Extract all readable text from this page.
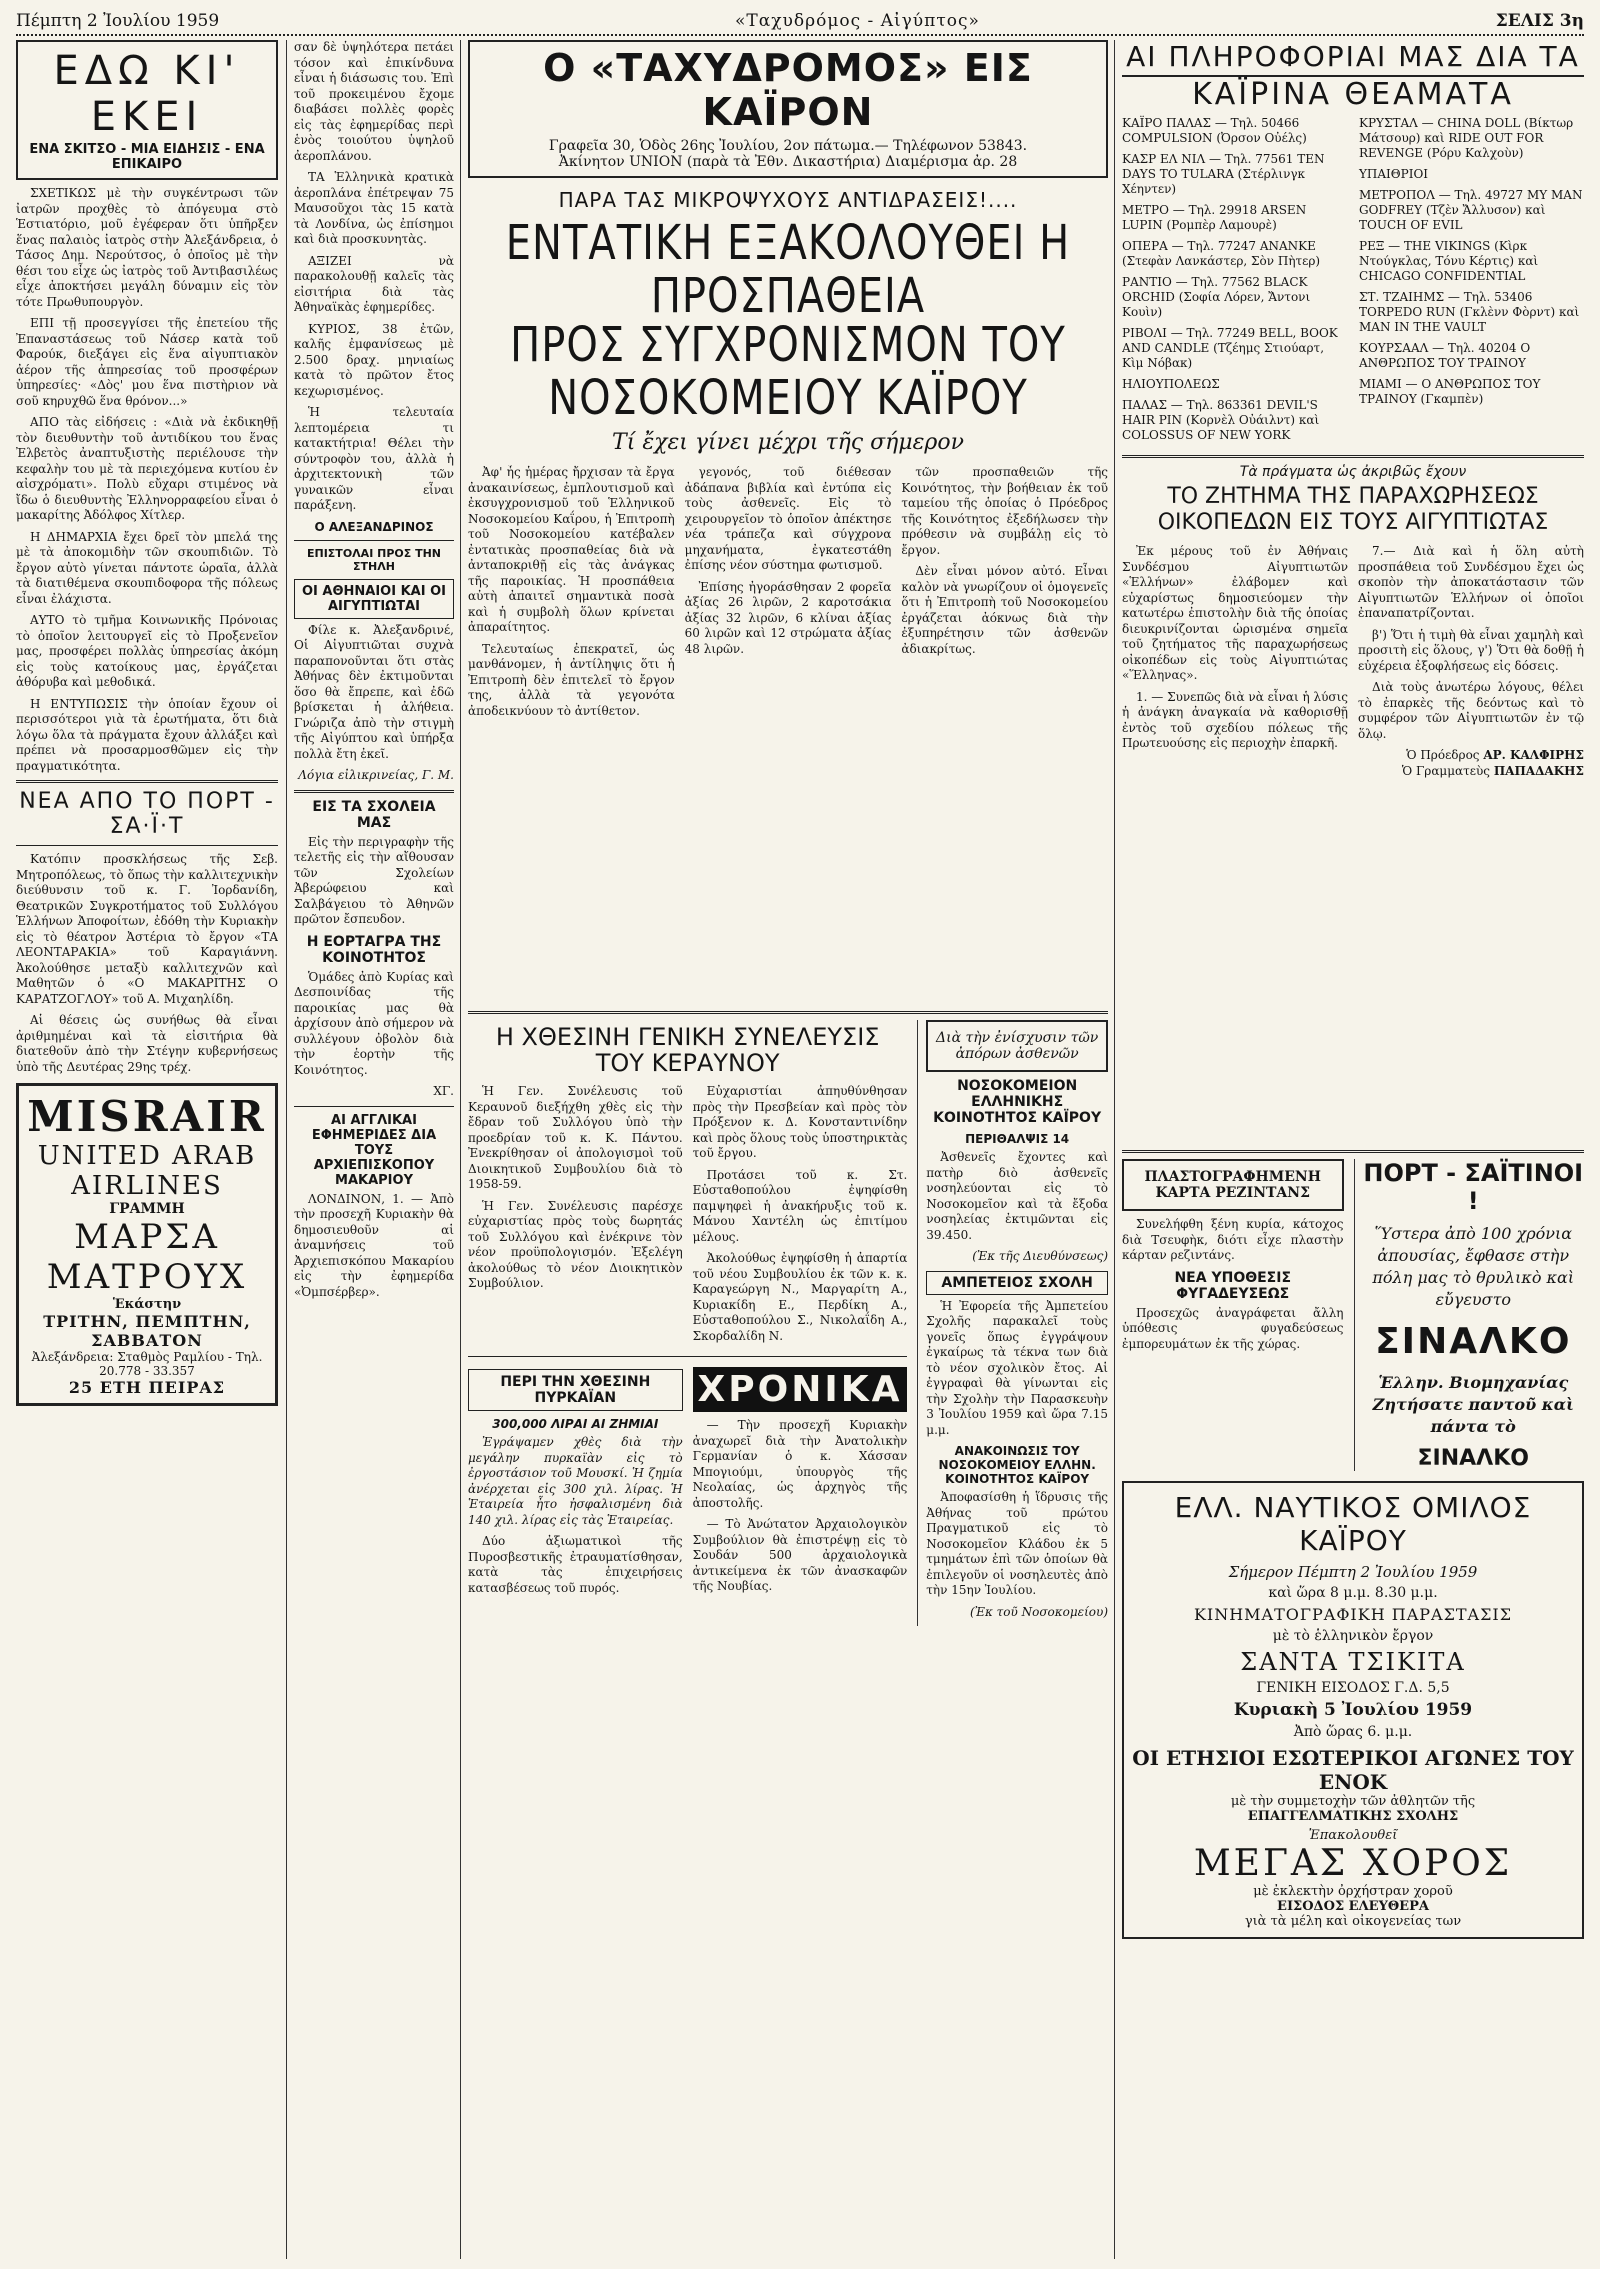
Πέμπτη 2 Ἰουλίου 1959	«Ταχυδρόμος - Αἰγύπτος»	ΣΕΛΙΣ 3η
ΕΔΩ ΚΙ' ΕΚΕΙ
ΕΝΑ ΣΚΙΤΣΟ - ΜΙΑ ΕΙΔΗΣΙΣ - ΕΝΑ ΕΠΙΚΑΙΡΟ

ΣΧΕΤΙΚΩΣ μὲ τὴν συγκέντρωσι τῶν ἰατρῶν προχθὲς τὸ ἀπόγευμα στὸ Ἑστιατόριο, μοῦ ἐγέφεραν ὅτι ὑπῆρξεν ἕνας παλαιὸς ἰατρὸς στὴν Ἀλεξάνδρεια, ὁ Τάσος Δημ. Νερούτσος, ὁ ὁποῖος μὲ τὴν θέσι του εἶχε ὡς ἰατρὸς τοῦ Ἀντιβασιλέως εἶχε ἀποκτήσει μεγάλη δύναμιν εἰς τὸν τότε Πρωθυπουργὸν.

ΕΠΙ τῇ προσεγγίσει τῆς ἐπετείου τῆς Ἐπαναστάσεως τοῦ Νάσερ κατὰ τοῦ Φαρούκ, διεξάγει εἰς ἕνα αἰγυπτιακὸν ἀέρον τῆς ἀπηρεσίας τοῦ προσφέρων ὑπηρεσίες· «Δὸς' μου ἕνα πιστὴριον νὰ σοῦ κηρυχθῶ ἕνα θρόνον...»

ΑΠΟ τὰς εἰδήσεις : «Διὰ νὰ ἐκδικηθῇ τὸν διευθυντὴν τοῦ ἀντιδίκου του ἕνας Ἐλβετὸς ἀναπτυξιστὴς περιέλουσε τὴν κεφαλὴν του μὲ τὰ περιεχόμενα κυτίου ἐν αἰσχρόματι». Πολὺ εὔχαρι στιμένος νὰ ἴδω ὁ διευθυντὴς Ἐλληνορραφείου εἶναι ὁ μακαρίτης Ἀδόλφος Χίτλερ.

Η ΔΗΜΑΡΧΙΑ ἔχει δρεῖ τὸν μπελά της μὲ τὰ ἀποκομιδὴν τῶν σκουπιδιῶν. Τὸ ἔργον αὐτὸ γίνεται πάντοτε ὡραῖα, ἀλλὰ τὰ διατιθέμενα σκουπιδοφορα τῆς πόλεως εἶναι ἐλάχιστα.

ΑΥΤΟ τὸ τμῆμα Κοινωνικῆς Πρόνοιας τὸ ὁποῖον λειτουργεῖ εἰς τὸ Προξενεῖον μας, προσφέρει πολλὰς ὑπηρεσίας ἀκόμη εἰς τοὺς κατοίκους μας, ἐργάζεται ἀθόρυβα καὶ μεθοδικά.

Η ΕΝΤΥΠΩΣΙΣ τὴν ὁποίαν ἔχουν οἱ περισσότεροι γιὰ τὰ ἐρωτήματα, ὅτι διὰ λόγω ὅλα τὰ πράγματα ἔχουν ἀλλάξει καὶ πρέπει νὰ προσαρμοσθῶμεν εἰς τὴν πραγματικότητα.

ΝΕΑ ΑΠΟ ΤΟ ΠΟΡΤ - ΣΑ·Ϊ·Τ

Κατόπιν προσκλήσεως τῆς Σεβ. Μητροπόλεως, τὸ ὅπως τὴν καλλιτεχνικὴν διεύθυνσιν τοῦ κ. Γ. Ἰορδανίδη, Θεατρικῶν Συγκροτήματος τοῦ Συλλόγου Ἑλλήνων Ἀποφοίτων, ἐδόθη τὴν Κυριακὴν εἰς τὸ θέατρον Ἀστέρια τὸ ἔργον «ΤΑ ΛΕΟΝΤΑΡΑΚΙΑ» τοῦ Καραγιάννη. Ἀκολούθησε μεταξὺ καλλιτεχνῶν καὶ Μαθητῶν ὁ «Ο ΜΑΚΑΡΙΤΗΣ Ο ΚΑΡΑΤΖΟΓΛΟΥ» τοῦ Α. Μιχαηλίδη.

Αἱ θέσεις ὡς συνήθως θὰ εἶναι ἀριθμημέναι καὶ τὰ εἰσιτήρια θὰ διατεθοῦν ἀπὸ τὴν Στέγην κυβερνήσεως ὑπὸ τῆς Δευτέρας 29ης τρέχ.

MISRAIR
UNITED ARAB AIRLINES
ΓΡΑΜΜΗ
ΜΑΡΣΑ ΜΑΤΡΟΥΧ
Ἑκάστην
ΤΡΙΤΗΝ, ΠΕΜΠΤΗΝ, ΣΑΒΒΑΤΟΝ
Ἀλεξάνδρεια: Σταθμὸς Ραμλίου - Τηλ. 20.778 - 33.357
25 ΕΤΗ ΠΕΙΡΑΣ

σαν δὲ ὑψηλότερα πετάει τόσον καὶ ἐπικίνδυνα εἶναι ἡ διάσωσις του. Ἐπὶ τοῦ προκειμένου ἔχομε διαβάσει πολλὲς φορὲς εἰς τὰς ἐφημερίδας περὶ ἑνὸς τοιούτου ὑψηλοῦ ἀεροπλάνου.

ΤΑ Ἑλληνικὰ κρατικὰ ἀεροπλάνα ἐπέτρεψαν 75 Μαυσοῦχοι τὰς 15 κατὰ τὰ Λονδίνα, ὡς ἐπίσημοι καὶ διὰ προσκυνητὰς.

ΑΞΙΖΕΙ νὰ παρακολουθῇ καλεῖς τὰς εἰσιτήρια διὰ τὰς Ἀθηναϊκὰς ἐφημερίδες.

ΚΥΡΙΟΣ, 38 ἐτῶν, καλῆς ἐμφανίσεως μὲ 2.500 δραχ. μηνιαίως κατὰ τὸ πρῶτον ἔτος κεχωρισμένος.

Ἡ τελευταία λεπτομέρεια τι κατακτήτρια! Θέλει τὴν σύντροφὸν του, ἀλλὰ ἡ ἀρχιτεκτονικὴ τῶν γυναικῶν εἶναι παράξενη.

Ο ΑΛΕΞΑΝΔΡΙΝΟΣ
ΕΠΙΣΤΟΛΑΙ ΠΡΟΣ ΤΗΝ ΣΤΗΛΗ
ΟΙ ΑΘΗΝΑΙΟΙ ΚΑΙ ΟΙ ΑΙΓΥΠΤΙΩΤΑΙ

Φίλε κ. Ἀλεξανδρινέ, Οἱ Αἰγυπτιῶται συχνὰ παραπονοῦνται ὅτι στὰς Ἀθήνας δὲν ἐκτιμοῦνται ὅσο θὰ ἔπρεπε, καὶ ἐδῶ βρίσκεται ἡ ἀλήθεια. Γνώριζα ἀπὸ τὴν στιγμὴ τῆς Αἰγύπτου καὶ ὑπήρξα πολλὰ ἔτη ἐκεῖ.

Λόγια εἰλικρινείας, Γ. Μ.

ΕΙΣ ΤΑ ΣΧΟΛΕΙΑ ΜΑΣ

Εἰς τὴν περιγραφὴν τῆς τελετῆς εἰς τὴν αἴθουσαν τῶν Σχολείων Ἀβερώφειου καὶ Σαλβάγειου τὸ Ἀθηνῶν πρῶτον ἔσπευδον.

Η ΕΟΡΤΑΓΡΑ ΤΗΣ ΚΟΙΝΟΤΗΤΟΣ

Ὁμάδες ἀπὸ Κυρίας καὶ Δεσποινίδας τῆς παροικίας μας θὰ ἀρχίσουν ἀπὸ σήμερον νὰ συλλέγουν ὀβολὸν διὰ τὴν ἑορτὴν τῆς Κοινότητος.

ΧΓ.

ΑΙ ΑΓΓΛΙΚΑΙ ΕΦΗΜΕΡΙΔΕΣ ΔΙΑ ΤΟΥΣ ΑΡΧΙΕΠΙΣΚΟΠΟΥ ΜΑΚΑΡΙΟΥ

ΛΟΝΔΙΝΟΝ, 1. — Ἀπὸ τὴν προσεχῆ Κυριακὴν θὰ δημοσιευθοῦν αἱ ἀναμνήσεις τοῦ Ἀρχιεπισκόπου Μακαρίου εἰς τὴν ἐφημερίδα «Ὀμπσέρβερ».

Ο «ΤΑΧΥΔΡΟΜΟΣ» ΕΙΣ ΚΑΪΡΟΝ
Γραφεῖα 30, Ὁδὸς 26ης Ἰουλίου, 2ον πάτωμα.— Τηλέφωνον 53843.
Ἀκίνητον UNION (παρὰ τὰ Ἐθν. Δικαστήρια) Διαμέρισμα ἀρ. 28
ΠΑΡΑ ΤΑΣ ΜΙΚΡΟΨΥΧΟΥΣ ΑΝΤΙΔΡΑΣΕΙΣ!....
ΕΝΤΑΤΙΚΗ ΕΞΑΚΟΛΟΥΘΕΙ Η ΠΡΟΣΠΑΘΕΙΑ
ΠΡΟΣ ΣΥΓΧΡΟΝΙΣΜΟΝ ΤΟΥ ΝΟΣΟΚΟΜΕΙΟΥ ΚΑΪΡΟΥ
Τί ἔχει γίνει μέχρι τῆς σήμερον

Ἀφ' ἧς ἡμέρας ἤρχισαν τὰ ἔργα ἀνακαινίσεως, ἐμπλουτισμοῦ καὶ ἐκσυγχρονισμοῦ τοῦ Ἑλληνικοῦ Νοσοκομείου Καΐρου, ἡ Ἐπιτροπὴ τοῦ Νοσοκομείου κατέβαλεν ἐντατικὰς προσπαθείας διὰ νὰ ἀνταποκριθῇ εἰς τὰς ἀνάγκας τῆς παροικίας. Ἡ προσπάθεια αὐτὴ ἀπαιτεῖ σημαντικὰ ποσὰ καὶ ἡ συμβολὴ ὅλων κρίνεται ἀπαραίτητος.

Τελευταίως ἐπεκρατεῖ, ὡς μανθάνομεν, ἡ ἀντίληψις ὅτι ἡ Ἐπιτροπὴ δὲν ἐπιτελεῖ τὸ ἔργον της, ἀλλὰ τὰ γεγονότα ἀποδεικνύουν τὸ ἀντίθετον.

γεγονός, τοῦ διέθεσαν ἀδάπανα βιβλία καὶ ἐντύπα εἰς τοὺς ἀσθενεῖς. Εἰς τὸ χειρουργεῖον τὸ ὁποῖον ἀπέκτησε νέα τράπεζα καὶ σύγχρονα μηχανήματα, ἐγκατεστάθη ἐπίσης νέον σύστημα φωτισμοῦ.

Ἐπίσης ἠγοράσθησαν 2 φορεῖα ἀξίας 26 λιρῶν, 2 καροτσάκια ἀξίας 32 λιρῶν, 6 κλίναι ἀξίας 60 λιρῶν καὶ 12 στρώματα ἀξίας 48 λιρῶν.

τῶν προσπαθειῶν τῆς Κοινότητος, τὴν βοήθειαν ἐκ τοῦ ταμείου τῆς ὁποίας ὁ Πρόεδρος τῆς Κοινότητος ἐξεδήλωσεν τὴν πρόθεσιν νὰ συμβάλῃ εἰς τὸ ἔργον.

Δὲν εἶναι μόνον αὐτό. Εἶναι καλὸν νὰ γνωρίζουν οἱ ὁμογενεῖς ὅτι ἡ Ἐπιτροπὴ τοῦ Νοσοκομείου ἐργάζεται ἀόκνως διὰ τὴν ἐξυπηρέτησιν τῶν ἀσθενῶν ἀδιακρίτως.

Η ΧΘΕΣΙΝΗ ΓΕΝΙΚΗ ΣΥΝΕΛΕΥΣΙΣ ΤΟΥ ΚΕΡΑΥΝΟΥ

Ἡ Γεν. Συνέλευσις τοῦ Κεραυνοῦ διεξήχθη χθὲς εἰς τὴν ἔδραν τοῦ Συλλόγου ὑπὸ τὴν προεδρίαν τοῦ κ. Κ. Πάντου. Ἐνεκρίθησαν οἱ ἀπολογισμοὶ τοῦ Διοικητικοῦ Συμβουλίου διὰ τὸ 1958-59.

Ἡ Γεν. Συνέλευσις παρέσχε εὐχαριστίας πρὸς τοὺς δωρητάς τοῦ Συλλόγου καὶ ἐνέκρινε τὸν νέον προϋπολογισμόν. Ἐξελέγη ἀκολούθως τὸ νέον Διοικητικὸν Συμβούλιον.

Εὐχαριστίαι ἀπηυθύνθησαν πρὸς τὴν Πρεσβείαν καὶ πρὸς τὸν Πρόξενον κ. Δ. Κονσταντινίδην καὶ πρὸς ὅλους τοὺς ὑποστηρικτὰς τοῦ ἔργου.

Προτάσει τοῦ κ. Στ. Εὐσταθοπούλου ἐψηφίσθη παμψηφεὶ ἡ ἀνακήρυξις τοῦ κ. Μάνου Χαντέλη ὡς ἐπιτίμου μέλους.

Ἀκολούθως ἐψηφίσθη ἡ ἀπαρτία τοῦ νέου Συμβουλίου ἐκ τῶν κ. κ. Καραγεώργη Ν., Μαργαρίτη Α., Κυριακίδη Ε., Περδίκη Α., Εὐσταθοπούλου Σ., Νικολαΐδη Α., Σκορδαλίδη Ν.

ΠΕΡΙ ΤΗΝ ΧΘΕΣΙΝΗ ΠΥΡΚΑΪΑΝ
300,000 ΛΙΡΑΙ ΑΙ ΖΗΜΙΑΙ

Ἐγράψαμεν χθὲς διὰ τὴν μεγάλην πυρκαϊὰν εἰς τὸ ἐργοστάσιον τοῦ Μουσκί. Ἡ ζημία ἀνέρχεται εἰς 300 χιλ. λίρας. Ἡ Ἑταιρεία ἦτο ἠσφαλισμένη διὰ 140 χιλ. λίρας εἰς τὰς Ἑταιρείας.

Δύο ἀξιωματικοὶ τῆς Πυροσβεστικῆς ἐτραυματίσθησαν, κατὰ τὰς ἐπιχειρήσεις κατασβέσεως τοῦ πυρός.

ΧΡΟΝΙΚΑ

— Τὴν προσεχῆ Κυριακὴν ἀναχωρεῖ διὰ τὴν Ἀνατολικὴν Γερμανίαν ὁ κ. Χάσσαν Μπογιούμι, ὑπουργὸς τῆς Νεολαίας, ὡς ἀρχηγὸς τῆς ἀποστολῆς.

— Τὸ Ἀνώτατον Ἀρχαιολογικὸν Συμβούλιον θὰ ἐπιστρέψῃ εἰς τὸ Σουδάν 500 ἀρχαιολογικὰ ἀντικείμενα ἐκ τῶν ἀνασκαφῶν τῆς Νουβίας.

Διὰ τὴν ἐνίσχυσιν τῶν ἀπόρων ἀσθενῶν
ΝΟΣΟΚΟΜΕΙΟΝ ΕΛΛΗΝΙΚΗΣ ΚΟΙΝΟΤΗΤΟΣ ΚΑΪΡΟΥ
ΠΕΡΙΘΑΛΨΙΣ 14

Ἀσθενεῖς ἔχοντες καὶ πατὴρ διὸ ἀσθενεῖς νοσηλεύονται εἰς τὸ Νοσοκομεῖον καὶ τὰ ἔξοδα νοσηλείας ἐκτιμῶνται εἰς 39.450.

(Ἐκ τῆς Διευθύνσεως)

ΑΜΠΕΤΕΙΟΣ ΣΧΟΛΗ

Ἡ Ἐφορεία τῆς Ἀμπετείου Σχολῆς παρακαλεῖ τοὺς γονεῖς ὅπως ἐγγράψουν ἐγκαίρως τὰ τέκνα των διὰ τὸ νέον σχολικὸν ἔτος. Αἱ ἐγγραφαὶ θὰ γίνωνται εἰς τὴν Σχολὴν τὴν Παρασκευὴν 3 Ἰουλίου 1959 καὶ ὥρα 7.15 μ.μ.

ΑΝΑΚΟΙΝΩΣΙΣ ΤΟΥ ΝΟΣΟΚΟΜΕΙΟΥ ΕΛΛΗΝ. ΚΟΙΝΟΤΗΤΟΣ ΚΑΪΡΟΥ

Ἀποφασίσθη ἡ ἵδρυσις τῆς Ἀθήνας τοῦ πρώτου Πραγματικοῦ εἰς τὸ Νοσοκομεῖον Κλάδου ἐκ 5 τμημάτων ἐπὶ τῶν ὁποίων θὰ ἐπιλεγοῦν οἱ νοσηλευτὲς ἀπὸ τὴν 15ην Ἰουλίου.

(Ἐκ τοῦ Νοσοκομείου)

ΑΙ ΠΛΗΡΟΦΟΡΙΑΙ ΜΑΣ ΔΙΑ ΤΑ
ΚΑΪΡΙΝΑ ΘΕΑΜΑΤΑ

ΚΑΪΡΟ ΠΑΛΑΣ — Τηλ. 50466 COMPULSION (Ὀρσον Οὐέλς)

ΚΑΣΡ ΕΛ ΝΙΛ — Τηλ. 77561 TEN DAYS TO TULARA (Στέρλινγκ Χέηντεν)

ΜΕΤΡΟ — Τηλ. 29918 ARSEN LUPIN (Ρομπὲρ Λαμουρὲ)

ΟΠΕΡΑ — Τηλ. 77247 ANANKE (Στεφὰν Λανκάστερ, Σὸν Πὴτερ)

ΡΑΝΤΙΟ — Τηλ. 77562 BLACK ORCHID (Σοφία Λόρεν, Ἄντονι Κουὶν)

ΡΙΒΟΛΙ — Τηλ. 77249 BELL, BOOK AND CANDLE (Τζέημς Στιούαρτ, Κὶμ Νόβακ)

ΗΛΙΟΥΠΟΛΕΩΣ

ΠΑΛΑΣ — Τηλ. 863361 DEVIL'S HAIR PIN (Κορνὲλ Οὐάιλντ) καὶ COLOSSUS OF NEW YORK

ΚΡΥΣΤΑΛ — CHINA DOLL (Βίκτωρ Μάτσουρ) καὶ RIDE OUT FOR REVENGE (Ρόρυ Καλχοὺν)

ΥΠΑΙΘΡΙΟΙ

ΜΕΤΡΟΠΟΛ — Τηλ. 49727 MY MAN GODFREY (Τζὲν Ἄλλυσον) καὶ TOUCH OF EVIL

ΡΕΞ — THE VIKINGS (Κὶρκ Ντούγκλας, Τόνυ Κέρτις) καὶ CHICAGO CONFIDENTIAL

ΣΤ. ΤΖΑΙΗΜΣ — Τηλ. 53406 TORPEDO RUN (Γκλὲνν Φὸρντ) καὶ MAN IN THE VAULT

ΚΟΥΡΣΑΑΛ — Τηλ. 40204 Ο ΑΝΘΡΩΠΟΣ ΤΟΥ ΤΡΑΙΝΟΥ

ΜΙΑΜΙ — Ο ΑΝΘΡΩΠΟΣ ΤΟΥ ΤΡΑΙΝΟΥ (Γκαμπὲν)

Τὰ πράγματα ὡς ἀκριβῶς ἔχουν
ΤΟ ΖΗΤΗΜΑ ΤΗΣ ΠΑΡΑΧΩΡΗΣΕΩΣ ΟΙΚΟΠΕΔΩΝ ΕΙΣ ΤΟΥΣ ΑΙΓΥΠΤΙΩΤΑΣ

Ἐκ μέρους τοῦ ἐν Ἀθήναις Συνδέσμου Αἰγυπτιωτῶν «Ἑλλήνων» ἐλάβομεν καὶ εὐχαρίστως δημοσιεύομεν τὴν κατωτέρω ἐπιστολὴν διὰ τῆς ὁποίας διευκρινίζονται ὡρισμένα σημεῖα τοῦ ζητήματος τῆς παραχωρήσεως οἰκοπέδων εἰς τοὺς Αἰγυπτιώτας «Ἕλληνας».

1. — Συνεπῶς διὰ νὰ εἶναι ἡ λύσις ἡ ἀνάγκη ἀναγκαία νὰ καθορισθῇ ἐντὸς τοῦ σχεδίου πόλεως τῆς Πρωτευούσης εἰς περιοχὴν ἐπαρκῆ.

7.— Διὰ καὶ ἡ ὅλη αὐτὴ προσπάθεια τοῦ Συνδέσμου ἔχει ὡς σκοπὸν τὴν ἀποκατάστασιν τῶν Αἰγυπτιωτῶν Ἑλλήνων οἱ ὁποῖοι ἐπαναπατρίζονται.

β') Ὅτι ἡ τιμὴ θὰ εἶναι χαμηλὴ καὶ προσιτὴ εἰς ὅλους, γ') Ὅτι θὰ δοθῇ ἡ εὐχέρεια ἐξοφλήσεως εἰς δόσεις.

Διὰ τοὺς ἀνωτέρω λόγους, θέλει τὸ ἐπαρκὲς τῆς δεόντως καὶ τὸ συμφέρον τῶν Αἰγυπτιωτῶν ἐν τῷ ὅλῳ.

Ὁ Πρόεδρος ΑΡ. ΚΑΛΦΙΡΗΣ
Ὁ Γραμματεὺς ΠΑΠΑΔΑΚΗΣ

ΠΛΑΣΤΟΓΡΑΦΗΜΕΝΗ ΚΑΡΤΑ ΡΕΖΙΝΤΑΝΣ

Συνελήφθη ξένη κυρία, κάτοχος διὰ Τσευφὴκ, διότι εἶχε πλαστὴν κάρταν ρεζιντάνς.

ΝΕΑ ΥΠΟΘΕΣΙΣ ΦΥΓΑΔΕΥΣΕΩΣ

Προσεχῶς ἀναγράφεται ἄλλη ὑπόθεσις φυγαδεύσεως ἐμπορευμάτων ἐκ τῆς χώρας.

ΠΟΡΤ - ΣΑΪΤΙΝΟΙ !
Ὕστερα ἀπὸ 100 χρόνια ἀπουσίας, ἔφθασε στὴν πόλη μας τὸ θρυλικὸ καὶ εὔγευστο
ΣΙΝΑΛΚΟ
Ἑλλην. Βιομηχανίας Ζητήσατε παντοῦ καὶ πάντα τὸ
ΣΙΝΑΛΚΟ
ΕΛΛ. ΝΑΥΤΙΚΟΣ ΟΜΙΛΟΣ ΚΑΪΡΟΥ
Σήμερον Πέμπτη 2 Ἰουλίου 1959
καὶ ὥρα 8 μ.μ. 8.30 μ.μ.
ΚΙΝΗΜΑΤΟΓΡΑΦΙΚΗ ΠΑΡΑΣΤΑΣΙΣ
μὲ τὸ ἑλληνικὸν ἔργον
ΣΑΝΤΑ ΤΣΙΚΙΤΑ
ΓΕΝΙΚΗ ΕΙΣΟΔΟΣ Γ.Δ. 5,5
Κυριακὴ 5 Ἰουλίου 1959
Ἀπὸ ὥρας 6. μ.μ.
ΟΙ ΕΤΗΣΙΟΙ ΕΣΩΤΕΡΙΚΟΙ ΑΓΩΝΕΣ ΤΟΥ ΕΝΟΚ
μὲ τὴν συμμετοχὴν τῶν ἀθλητῶν τῆς
ΕΠΑΓΓΕΛΜΑΤΙΚΗΣ ΣΧΟΛΗΣ
Ἐπακολουθεῖ
ΜΕΓΑΣ ΧΟΡΟΣ
μὲ ἐκλεκτὴν ὀρχήστραν χοροῦ
ΕΙΣΟΔΟΣ ΕΛΕΥΘΕΡΑ
γιὰ τὰ μέλη καὶ οἰκογενείας των
